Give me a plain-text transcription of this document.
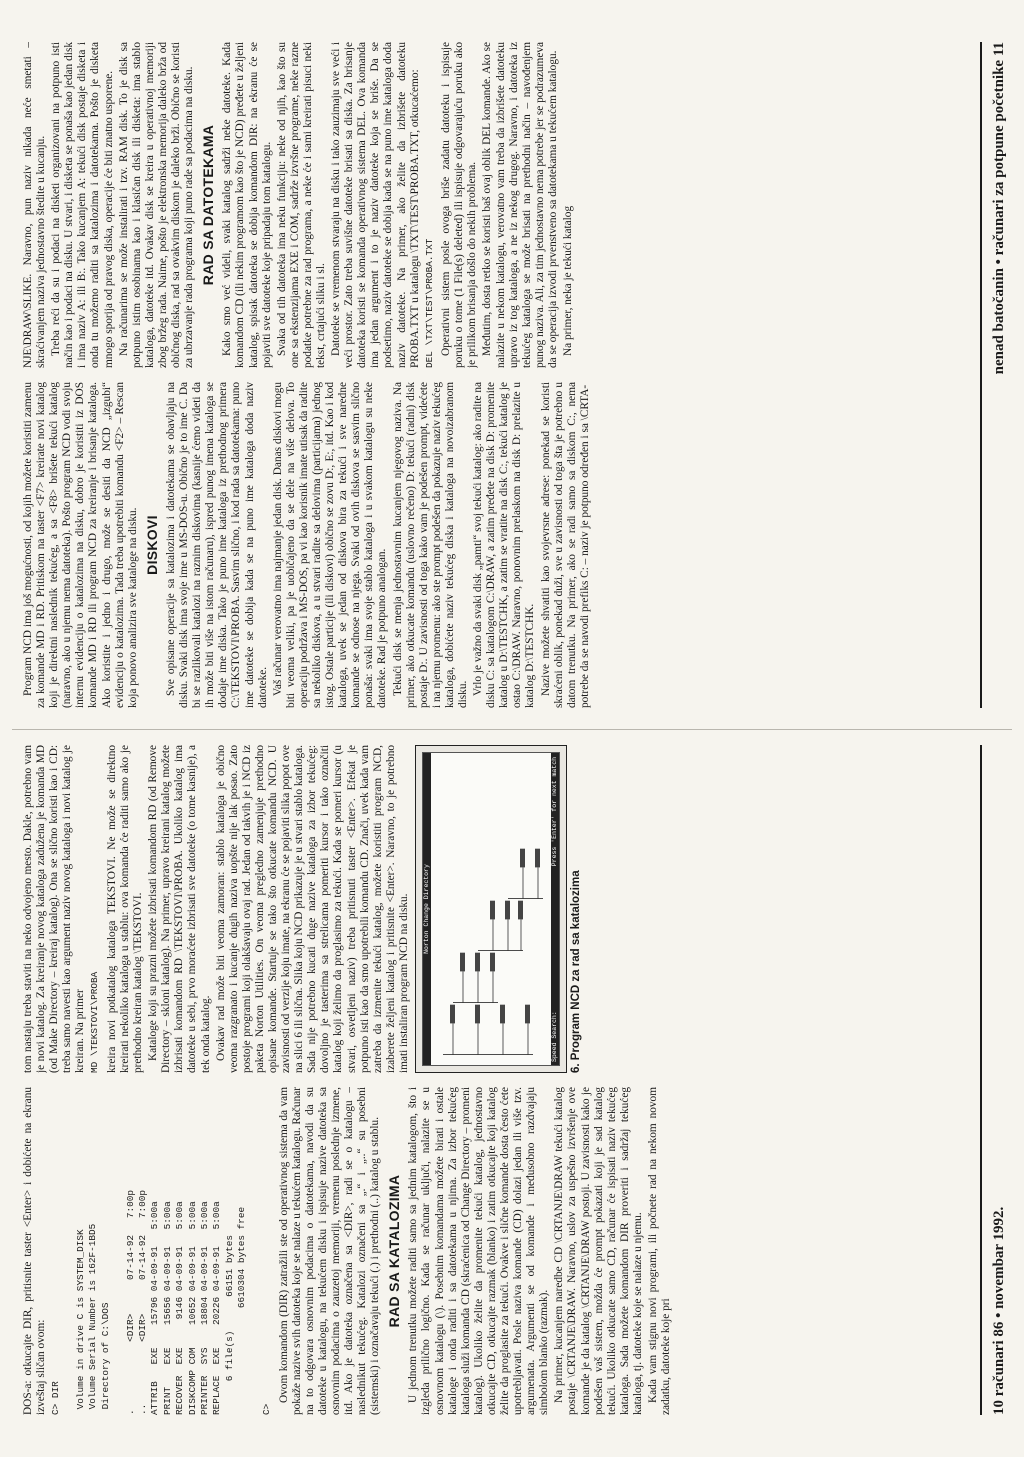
DOS-a: otkucajte DIR, pritisnite taster <Enter> i dobićete na ekranu izveštaj sličan ovom: C> DIR

Volume in drive C is SYSTEM_DISK
Volume Serial Number is 162F-1BD5
Directory of C:\DOS

.            <DIR>      07-14-92   7:00p
..           <DIR>      07-14-92   7:00p
ATTRIB   EXE    15796 04-09-91   5:00a
PRINT    EXE    15656 04-09-91   5:00a
RECOVER  EXE     9146 04-09-91   5:00a
DISKCOMP COM    10652 04-09-91   5:00a
PRINTER  SYS    18804 04-09-91   5:00a
REPLACE  EXE    20226 04-09-91   5:00a
6 file(s)      66151 bytes
6610304 bytes free

C>

Ovom komandom (DIR) zatražili ste od operativnog sistema da vam pokaže nazive svih datoteka koje se nalaze u tekućem katalogu. Računar na to odgovara osnovnim podacima o datotekama, navodi da su datoteke u katalogu, na tekućem disku i ispisuje nazive datoteka sa osnovnim podacima o zauzetoj memoriji, vremenu poslednje izmene, itd. Ako je datoteka označena sa <DIR>, radi se o katalogu – naslednikut tekućeg. Katalozi označeni sa „.“ i „..“ su posebni (sistemski) i označavaju tekući (.) i prethodni (..) katalog u stablu. RAD SA KATALOZIMA U jednom trenutku možete raditi samo sa jednim katalogom, što i izgleda prilično logično. Kada se računar uključi, nalazite se u osnovnom katalogu (\). Posebnim komandama možete birati i ostale kataloge i onda raditi i sa datotekama u njima. Za izbor tekućeg kataloga služi komanda CD (skraćenica od Change Directory – promeni katalog). Ukoliko želite da promenite tekući katalog, jednostavno otkucajte CD, otkucajte razmak (blanko) i zatim otkucajte koji katalog želite da proglasite za tekući. Ovakve i slične komande dosta često ćete upotrebljavati. Posle naziva komande (CD) dolazi jedan ili više tzv. argumenata. Argumenti se od komande i međusobno razdvajaju simbolom blanko (razmak). Na primer, kucanjem naredbe CD \CRTANJE\DRAW tekući katalog postaje \CRTANJE\DRAW. Naravno, uslov za uspešno izvršenje ove komande je da katalog \CRTANJE\DRAW postoji. U zavisnosti kako je podešen vaš sistem, možda će prompt pokazati koji je sad katalog tekući. Ukoliko otkucate samo CD, računar će ispisati naziv tekućeg kataloga. Sada možete komandom DIR proveriti i sadržaj tekućeg kataloga, tj. datoteke koje se nalaze u njemu. Kada vam stignu novi programi, ili počnete rad na nekom novom zadatku, datoteke koje pri

tom nastaju treba staviti na neko odvojeno mesto. Dakle, potrebno vam je novi katalog. Za kreiranje novog kataloga zadužena je komanda MD (od Make Directory – kreiraj katalog). Ona se slično koristi kao i CD: treba samo navesti kao argument naziv novog kataloga i novi katalog je kreiran. Na primer MD \TEKSTOVI\PROBA kreira novi potkatalog kataloga TEKSTOVI. Ne može se direktno kreirati nekoliko kataloga u stablu: ova komanda će raditi samo ako je prethodno kreiran katalog \TEKSTOVI. Kataloge koji su prazni možete izbrisati komandom RD (od Remove Directory – skloni katalog). Na primer, upravo kreirani katalog možete izbrisati komandom RD \TEKSTOVI\PROBA. Ukoliko katalog ima datoteke u sebi, prvo moraćete izbrisati sve datoteke (o tome kasnije), a tek onda katalog. Ovakav rad može biti veoma zamoran: stablo kataloga je obično veoma razgranato i kucanje dugih naziva uopšte nije lak posao. Zato postoje programi koji olakšavaju ovaj rad. Jedan od takvih je i NCD iz paketa Norton Utilities. On veoma pregledno zamenjuje prethodno opisane komande. Startuje se tako što otkucate komandu NCD. U zavisnosti od verzije koju imate, na ekranu će se pojaviti slika popot ove na slici 6 ili slična. Slika koju NCD prikazuje je u stvari stablo kataloga. Sada nije potrebno kucati duge nazive kataloga za izbor tekućeg: dovoljno je tasterima sa strelicama pomeriti kursor i tako označiti katalog koji želimo da proglasimo za tekući. Kada se pomeri kursor (u stvari, osvetljeni naziv) treba pritisnuti taster <Enter>. Efekat je potpuno isti kao da smo upotrebili komandu CD. Znači, uvek kada vam zatreba da izmenite tekući katalog, možete koristiti program NCD, izaberete željeni katalog i pritisnite <Enter>. Naravno, to je potrebno imati instaliran program NCD na disku. Norton Change Directory
Speed Search:
Press 'Enter' for next match
6. Program NCD za rad sa katalozima
10 računari 86 • novembar 1992.

Program NCD ima još mogućnosti, od kojih možete koristiti zamenu za komande MD i RD. Pritiskom na taster <F7> kreirate novi katalog koji je direktni naslednik tekućeg, a sa <F8> brišete tekući katalog (naravno, ako u njemu nema datoteka). Pošto program NCD vodi svoju internu evidenciju o katalozima na disku, dobro je koristiti iz DOS komande MD i RD ili program NCD za kreiranje i brisanje kataloga. Ako koristite i jedno i drugo, može se desiti da NCD „izgubi“ evidenciju o katalozima. Tada treba upotrebiti komandu <F2> – Rescan koja ponovo analizira sve kataloge na disku. DISKOVI Sve opisane operacije sa katalozima i datotekama se obavljaju na disku. Svaki disk ima svoje ime u MS-DOS-u. Obično je to ime C. Da bi se razlikovali katalozi na raznim diskovima (kasnije ćemo videti da ih može biti više na istom računaru), ispred punog imena kataloga se dodaje ime diska. Tako je puno ime kataloga iz prethodnog primera C:\TEKSTOVI\PROBA. Sasvim slično, i kod rada sa datotekama: puno ime datoteke se dobija kada se na puno ime kataloga doda naziv datoteke. Vaš računar verovatno ima najmanje jedan disk. Danas diskovi mogu biti veoma veliki, pa je uobičajeno da se dele na više delova. To operaciju podržava i MS-DOS, pa vi kao korisnik imate utisak da radite sa nekoliko diskova, a u stvari radite sa delovima (particijama) jednog istog. Ostale particije (ili diskovi) obično se zovu D:, E:, itd. Kao i kod kataloga, uvek se jedan od diskova bira za tekući i sve naredne komande se odnose na njega. Svaki od ovih diskova se sasvim slično ponaša: svaki ima svoje stablo kataloga i u svakom katalogu su neke datoteke. Rad je potpuno analogan. Tekući disk se menja jednostavnim kucanjem njegovog naziva. Na primer, ako otkucate komandu (uslovno rečeno) D: tekući (radni) disk postaje D:. U zavisnosti od toga kako vam je podešen prompt, videćete i na njemu promenu: ako ste prompt podešen da pokazuje naziv tekućeg kataloga, dobićete naziv tekućeg diska i kataloga na novoizabranom disku. Vrlo je važno da svaki disk „pamti“ svoj tekući katalog: ako radite na disku C: sa katalogom C:\DRAW, a zatim pređete na disk D: promenite katalog u D:\TESTCHK, a zatim se vratite na disk C:, tekući katalog je ostao C:\DRAW. Naravno, ponovnim prelaskom na disk D: prelazite u katalog D:\TESTCHK. Nazive možete shvatiti kao svojevrsne adrese: ponekad se koristi skraćeni oblik, ponekad duži, sve u zavisnosti od toga šta je potrebno u datom trenutku. Na primer, ako se radi samo sa diskom C:, nema potrebe da se navodi prefiks C: – naziv je potpuno određen i sa \CRTA-

NJE\DRAW\SLIKE. Naravno, pun naziv nikada neće smetati – skraćivanjem naziva jednostavno štedite u kucanju. Treba reći da su i podaci na disketi organizovani na potpuno isti način kao i podaci na disku. U stvari, i disketa se ponaša kao jedan disk i ima naziv A: ili B:. Tako kucanjem A: tekući disk postaje disketa i onda tu možemo raditi sa katalozima i datotekama. Pošto je disketa mnogo sporija od pravog diska, operacije će biti znatno usporene. Na računarima se može instalirati i tzv. RAM disk. To je disk sa potpuno istim osobinama kao i klasičan disk ili disketa: ima stablo kataloga, datoteke itd. Ovakav disk se kreira u operativnoj memoriji zbog bržeg rada. Naime, pošto je elektronska memorija daleko brža od običnog diska, rad sa ovakvim diskom je daleko brži. Obično se koristi za ubrzavanje rada programa koji puno rade sa podacima na disku. RAD SA DATOTEKAMA Kako smo već videli, svaki katalog sadrži neke datoteke. Kada komandom CD (ili nekim programom kao što je NCD) pređete u željeni katalog, spisak datoteka se dobija komandom DIR: na ekranu će se pojaviti sve datoteke koje pripadaju tom katalogu. Svaka od tih datoteka ima neku funkciju: neke od njih, kao što su one sa ekstenzijama EXE i COM, sadrže izvršne programe, neke razne podatke potrebne za rad programa, a neke će i sami kreirati pisuci neki tekst, crtajući sliku i sl. Datoteke se vremenom stvaraju na disku i tako zauzimaju sve veći i veći prostor. Zato treba suvišne datoteke brisati sa diska. Za brisanje datoteka koristi se komanda operativnog sistema DEL. Ova komanda ima jedan argument i to je naziv datoteke koja se briše. Da se podsetimo, naziv datoteke se dobija kada se na puno ime kataloga doda naziv datoteke. Na primer, ako želite da izbrišete datoteku PROBA.TXT u katalogu \TXT\TEST\PROBA.TXT, otkucaćemo: DEL \TXT\TEST\PROBA.TXT Operativni sistem posle ovoga briše zadatu datoteku i ispisuje poruku o tome (1 File(s) deleted) ili ispisuje odgovarajuću poruku ako je prilikom brisanja došlo do nekih problema. Međutim, dosta retko se koristi baš ovaj oblik DEL komande. Ako se nalazite u nekom katalogu, verovatno vam treba da izbrišete datoteku upravo iz tog kataloga, a ne iz nekog drugog. Naravno, i datoteka iz tekućeg kataloga se može brisati na prethodni način – navođenjem punog naziva. Ali, za tim jednostavno nema potrebe jer se podrazumeva da se operacija izvodi prvenstveno sa datotekama u tekućem katalogu. Na primer, neka je tekući katalog	nenad batočanin • računari za potpune početnike 11
